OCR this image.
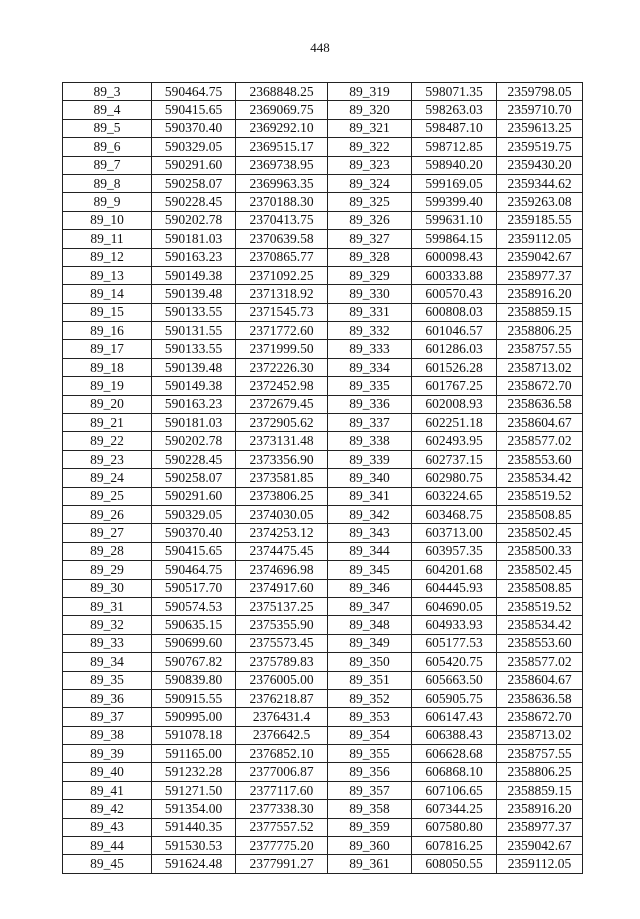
448
89_3	590464.75	2368848.25	89_319	598071.35	2359798.05
89_4	590415.65	2369069.75	89_320	598263.03	2359710.70
89_5	590370.40	2369292.10	89_321	598487.10	2359613.25
89_6	590329.05	2369515.17	89_322	598712.85	2359519.75
89_7	590291.60	2369738.95	89_323	598940.20	2359430.20
89_8	590258.07	2369963.35	89_324	599169.05	2359344.62
89_9	590228.45	2370188.30	89_325	599399.40	2359263.08
89_10	590202.78	2370413.75	89_326	599631.10	2359185.55
89_11	590181.03	2370639.58	89_327	599864.15	2359112.05
89_12	590163.23	2370865.77	89_328	600098.43	2359042.67
89_13	590149.38	2371092.25	89_329	600333.88	2358977.37
89_14	590139.48	2371318.92	89_330	600570.43	2358916.20
89_15	590133.55	2371545.73	89_331	600808.03	2358859.15
89_16	590131.55	2371772.60	89_332	601046.57	2358806.25
89_17	590133.55	2371999.50	89_333	601286.03	2358757.55
89_18	590139.48	2372226.30	89_334	601526.28	2358713.02
89_19	590149.38	2372452.98	89_335	601767.25	2358672.70
89_20	590163.23	2372679.45	89_336	602008.93	2358636.58
89_21	590181.03	2372905.62	89_337	602251.18	2358604.67
89_22	590202.78	2373131.48	89_338	602493.95	2358577.02
89_23	590228.45	2373356.90	89_339	602737.15	2358553.60
89_24	590258.07	2373581.85	89_340	602980.75	2358534.42
89_25	590291.60	2373806.25	89_341	603224.65	2358519.52
89_26	590329.05	2374030.05	89_342	603468.75	2358508.85
89_27	590370.40	2374253.12	89_343	603713.00	2358502.45
89_28	590415.65	2374475.45	89_344	603957.35	2358500.33
89_29	590464.75	2374696.98	89_345	604201.68	2358502.45
89_30	590517.70	2374917.60	89_346	604445.93	2358508.85
89_31	590574.53	2375137.25	89_347	604690.05	2358519.52
89_32	590635.15	2375355.90	89_348	604933.93	2358534.42
89_33	590699.60	2375573.45	89_349	605177.53	2358553.60
89_34	590767.82	2375789.83	89_350	605420.75	2358577.02
89_35	590839.80	2376005.00	89_351	605663.50	2358604.67
89_36	590915.55	2376218.87	89_352	605905.75	2358636.58
89_37	590995.00	2376431.4	89_353	606147.43	2358672.70
89_38	591078.18	2376642.5	89_354	606388.43	2358713.02
89_39	591165.00	2376852.10	89_355	606628.68	2358757.55
89_40	591232.28	2377006.87	89_356	606868.10	2358806.25
89_41	591271.50	2377117.60	89_357	607106.65	2358859.15
89_42	591354.00	2377338.30	89_358	607344.25	2358916.20
89_43	591440.35	2377557.52	89_359	607580.80	2358977.37
89_44	591530.53	2377775.20	89_360	607816.25	2359042.67
89_45	591624.48	2377991.27	89_361	608050.55	2359112.05
